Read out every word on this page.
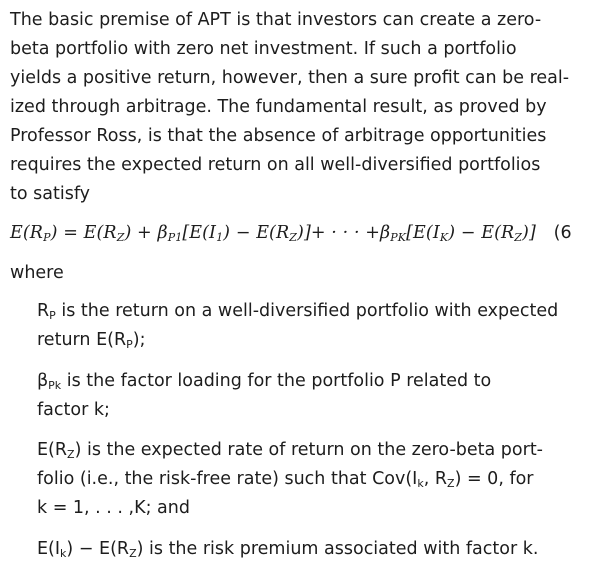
The basic premise of APT is that investors can create a zero-
beta portfolio with zero net investment. If such a portfolio
yields a positive return, however, then a sure profit can be real-
ized through arbitrage. The fundamental result, as proved by
Professor Ross, is that the absence of arbitrage opportunities
requires the expected return on all well-diversified portfolios
to satisfy
$E(R_P) = E(R_Z) + \beta_{P1}[E(I_1) - E(R_Z)]+$ · · · $+\beta_{PK}[E(I_K) - E(R_Z)]$ (6
where
$R_P$ is the return on a well-diversified portfolio with expected
return $E(R_P)$;
$\beta_{Pk}$ is the factor loading for the portfolio P related to
factor k;
$E(R_Z)$ is the expected rate of return on the zero-beta port-
folio (i.e., the risk-free rate) such that $Cov(I_k$, $R_Z) = 0$, for
k = 1, . . . ,K; and
$E(I_k) - E(R_Z)$ is the risk premium associated with factor k.
